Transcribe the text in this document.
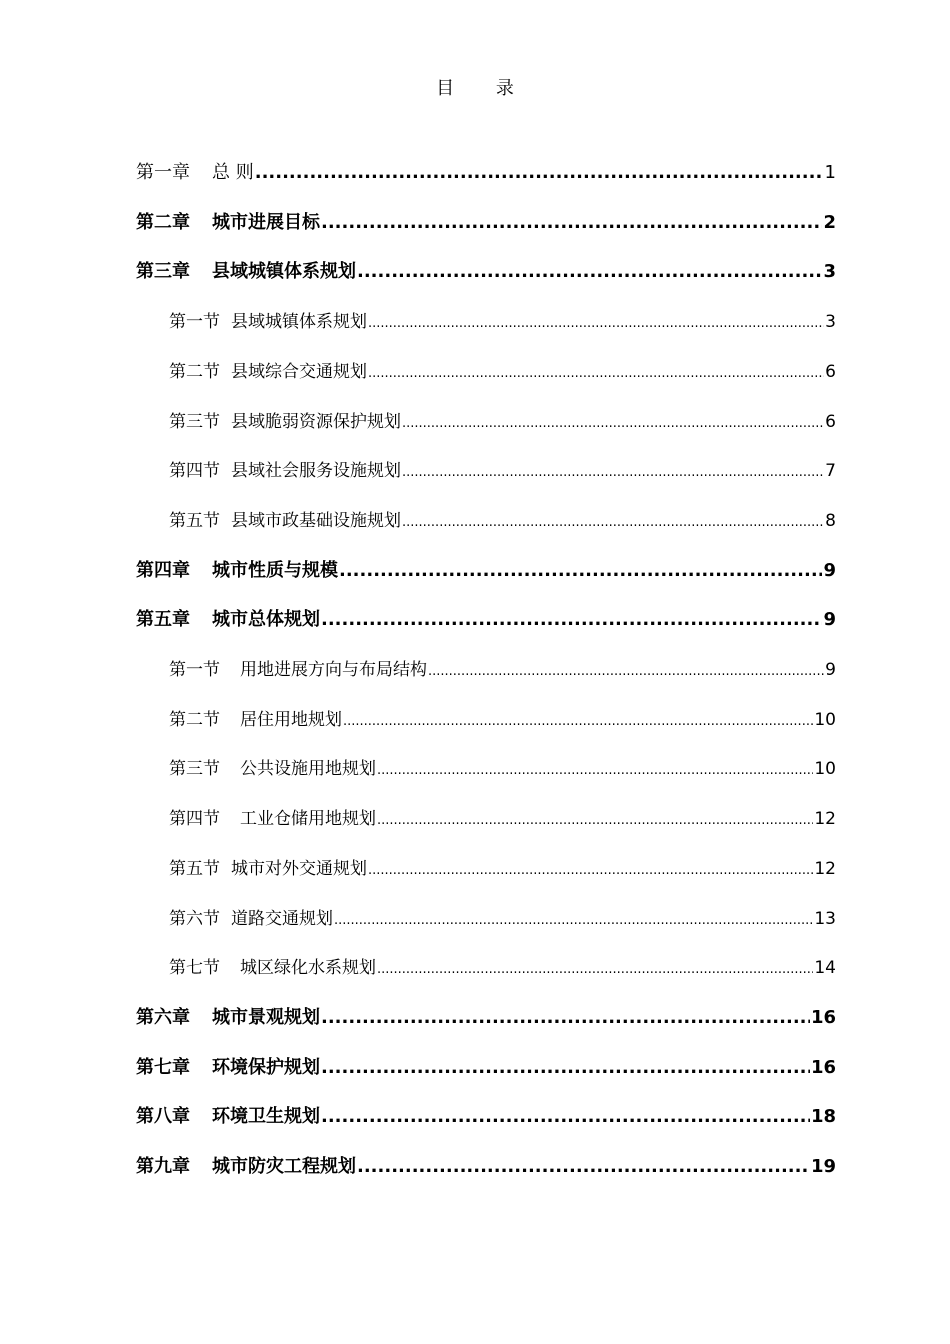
目 录
第一章	总 则 .....	1
第二章	城市进展目标 .....	2
第三章	县域城镇体系规划 .....	3
第一节 县域城镇体系规划 .....	3
第二节 县域综合交通规划 .....	6
第三节 县域脆弱资源保护规划 .....	6
第四节 县域社会服务设施规划 .....	7
第五节 县域市政基础设施规划 .....	8
第四章	城市性质与规模 .....	9
第五章	城市总体规划 .....	9
第一节 用地进展方向与布局结构 .....	9
第二节 居住用地规划 .....	10
第三节 公共设施用地规划 .....	10
第四节 工业仓储用地规划 .....	12
第五节 城市对外交通规划 .....	12
第六节 道路交通规划 .....	13
第七节 城区绿化水系规划 .....	14
第六章	城市景观规划 .....	16
第七章	环境保护规划 .....	16
第八章	环境卫生规划 .....	18
第九章	城市防灾工程规划 .....	19
